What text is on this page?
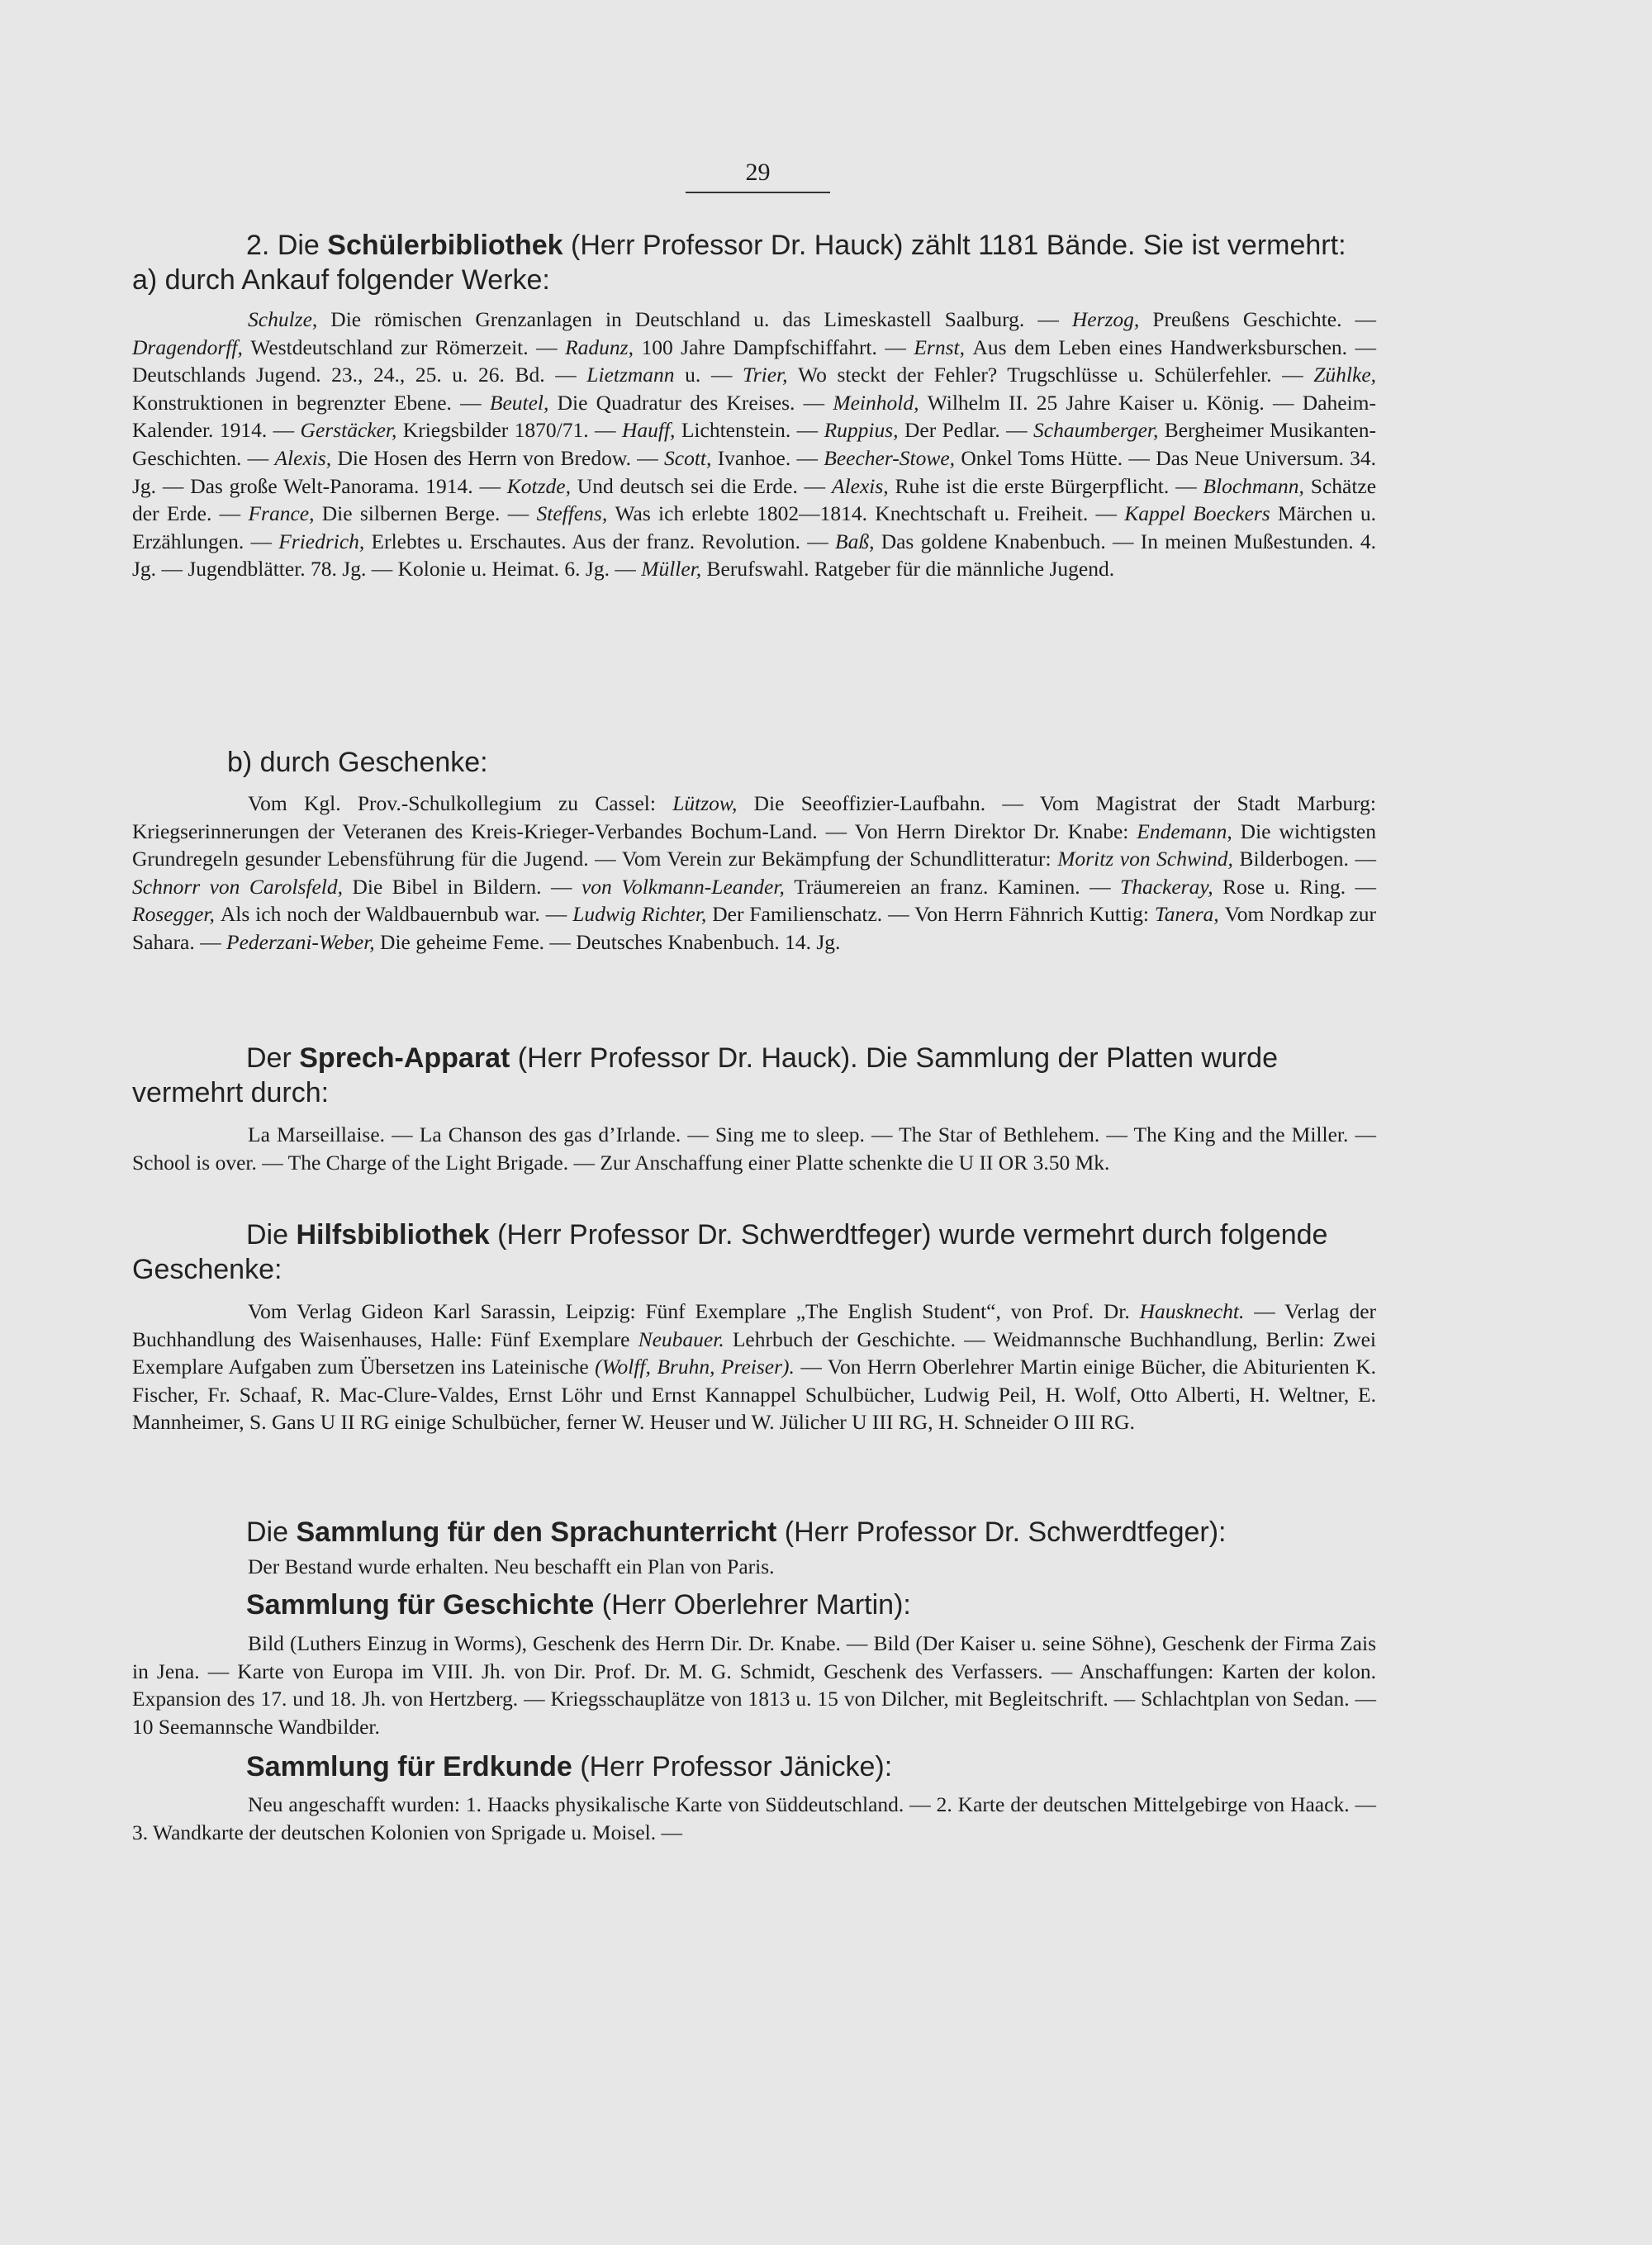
29

2. Die Schülerbibliothek (Herr Professor Dr. Hauck) zählt 1181 Bände. Sie ist vermehrt: a) durch Ankauf folgender Werke:

Schulze, Die römischen Grenzanlagen in Deutschland u. das Limeskastell Saalburg. — Herzog, Preußens Geschichte. — Dragendorff, Westdeutschland zur Römerzeit. — Radunz, 100 Jahre Dampfschiffahrt. — Ernst, Aus dem Leben eines Handwerksburschen. — Deutschlands Jugend. 23., 24., 25. u. 26. Bd. — Lietzmann u. — Trier, Wo steckt der Fehler? Trugschlüsse u. Schülerfehler. — Zühlke, Konstruktionen in begrenzter Ebene. — Beutel, Die Quadratur des Kreises. — Meinhold, Wilhelm II. 25 Jahre Kaiser u. König. — Daheim-Kalender. 1914. — Gerstäcker, Kriegsbilder 1870/71. — Hauff, Lichtenstein. — Ruppius, Der Pedlar. — Schaumberger, Bergheimer Musikanten-Geschichten. — Alexis, Die Hosen des Herrn von Bredow. — Scott, Ivanhoe. — Beecher-Stowe, Onkel Toms Hütte. — Das Neue Universum. 34. Jg. — Das große Welt-Panorama. 1914. — Kotzde, Und deutsch sei die Erde. — Alexis, Ruhe ist die erste Bürgerpflicht. — Blochmann, Schätze der Erde. — France, Die silbernen Berge. — Steffens, Was ich erlebte 1802—1814. Knechtschaft u. Freiheit. — Kappel Boeckers Märchen u. Erzählungen. — Friedrich, Erlebtes u. Erschautes. Aus der franz. Revolution. — Baß, Das goldene Knabenbuch. — In meinen Mußestunden. 4. Jg. — Jugendblätter. 78. Jg. — Kolonie u. Heimat. 6. Jg. — Müller, Berufswahl. Ratgeber für die männliche Jugend.

b) durch Geschenke:

Vom Kgl. Prov.-Schulkollegium zu Cassel: Lützow, Die Seeoffizier-Laufbahn. — Vom Magistrat der Stadt Marburg: Kriegserinnerungen der Veteranen des Kreis-Krieger-Verbandes Bochum-Land. — Von Herrn Direktor Dr. Knabe: Endemann, Die wichtigsten Grundregeln gesunder Lebensführung für die Jugend. — Vom Verein zur Bekämpfung der Schundlitteratur: Moritz von Schwind, Bilderbogen. — Schnorr von Carolsfeld, Die Bibel in Bildern. — von Volkmann-Leander, Träumereien an franz. Kaminen. — Thackeray, Rose u. Ring. — Rosegger, Als ich noch der Waldbauernbub war. — Ludwig Richter, Der Familienschatz. — Von Herrn Fähnrich Kuttig: Tanera, Vom Nordkap zur Sahara. — Pederzani-Weber, Die geheime Feme. — Deutsches Knabenbuch. 14. Jg.

Der Sprech-Apparat (Herr Professor Dr. Hauck). Die Sammlung der Platten wurde vermehrt durch:

La Marseillaise. — La Chanson des gas d’Irlande. — Sing me to sleep. — The Star of Bethlehem. — The King and the Miller. — School is over. — The Charge of the Light Brigade. — Zur Anschaffung einer Platte schenkte die U II OR 3.50 Mk.

Die Hilfsbibliothek (Herr Professor Dr. Schwerdtfeger) wurde vermehrt durch folgende Geschenke:

Vom Verlag Gideon Karl Sarassin, Leipzig: Fünf Exemplare „The English Student“, von Prof. Dr. Hausknecht. — Verlag der Buchhandlung des Waisenhauses, Halle: Fünf Exemplare Neubauer. Lehrbuch der Geschichte. — Weidmannsche Buchhandlung, Berlin: Zwei Exemplare Aufgaben zum Übersetzen ins Lateinische (Wolff, Bruhn, Preiser). — Von Herrn Oberlehrer Martin einige Bücher, die Abiturienten K. Fischer, Fr. Schaaf, R. Mac-Clure-Valdes, Ernst Löhr und Ernst Kannappel Schulbücher, Ludwig Peil, H. Wolf, Otto Alberti, H. Weltner, E. Mannheimer, S. Gans U II RG einige Schulbücher, ferner W. Heuser und W. Jülicher U III RG, H. Schneider O III RG.

Die Sammlung für den Sprachunterricht (Herr Professor Dr. Schwerdtfeger):

Der Bestand wurde erhalten. Neu beschafft ein Plan von Paris.

Sammlung für Geschichte (Herr Oberlehrer Martin):

Bild (Luthers Einzug in Worms), Geschenk des Herrn Dir. Dr. Knabe. — Bild (Der Kaiser u. seine Söhne), Geschenk der Firma Zais in Jena. — Karte von Europa im VIII. Jh. von Dir. Prof. Dr. M. G. Schmidt, Geschenk des Verfassers. — Anschaffungen: Karten der kolon. Expansion des 17. und 18. Jh. von Hertzberg. — Kriegsschauplätze von 1813 u. 15 von Dilcher, mit Begleitschrift. — Schlachtplan von Sedan. — 10 Seemannsche Wandbilder.

Sammlung für Erdkunde (Herr Professor Jänicke):

Neu angeschafft wurden: 1. Haacks physikalische Karte von Süddeutschland. — 2. Karte der deutschen Mittelgebirge von Haack. — 3. Wandkarte der deutschen Kolonien von Sprigade u. Moisel. —
